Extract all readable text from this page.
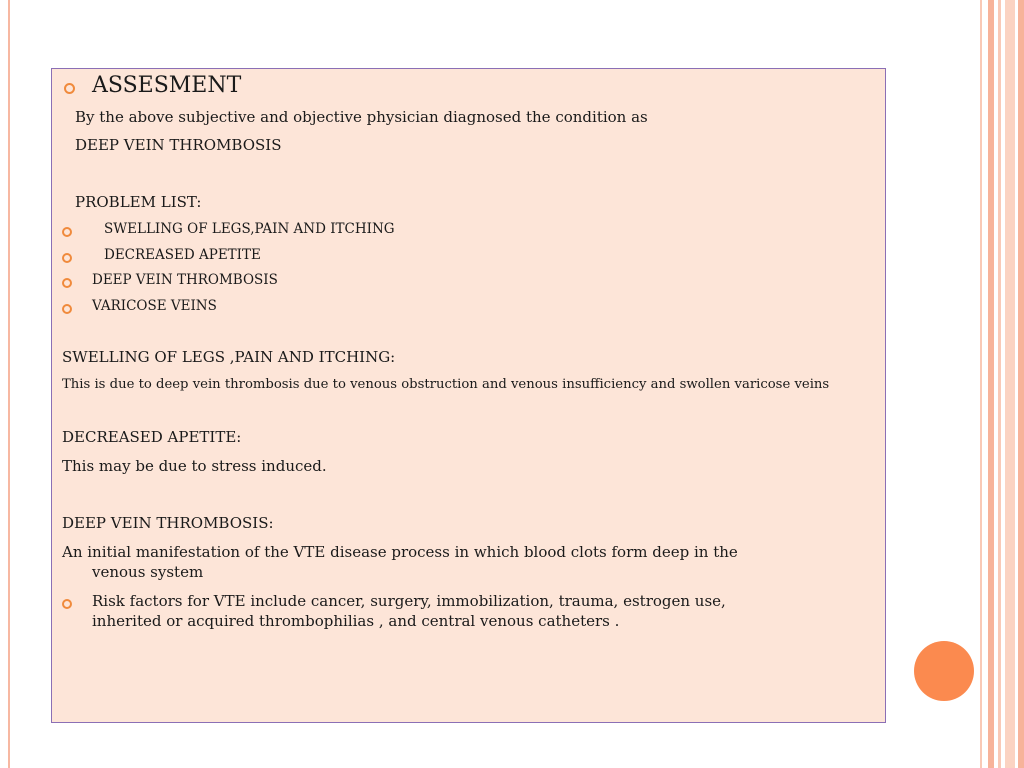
ASSESMENT
By the above subjective and objective physician diagnosed the condition as
DEEP VEIN THROMBOSIS
PROBLEM LIST:
SWELLING OF LEGS,PAIN AND ITCHING
DECREASED APETITE
DEEP VEIN THROMBOSIS
VARICOSE VEINS
SWELLING OF LEGS ,PAIN AND ITCHING:
This is due to deep vein thrombosis due to venous obstruction and venous insufficiency and swollen varicose veins
DECREASED APETITE:
This may be due to stress induced.
DEEP VEIN THROMBOSIS:
An initial manifestation of the VTE disease process in which blood clots form deep in the
venous system
Risk factors for VTE include cancer, surgery, immobilization, trauma, estrogen use,
inherited or acquired thrombophilias , and central venous catheters .
